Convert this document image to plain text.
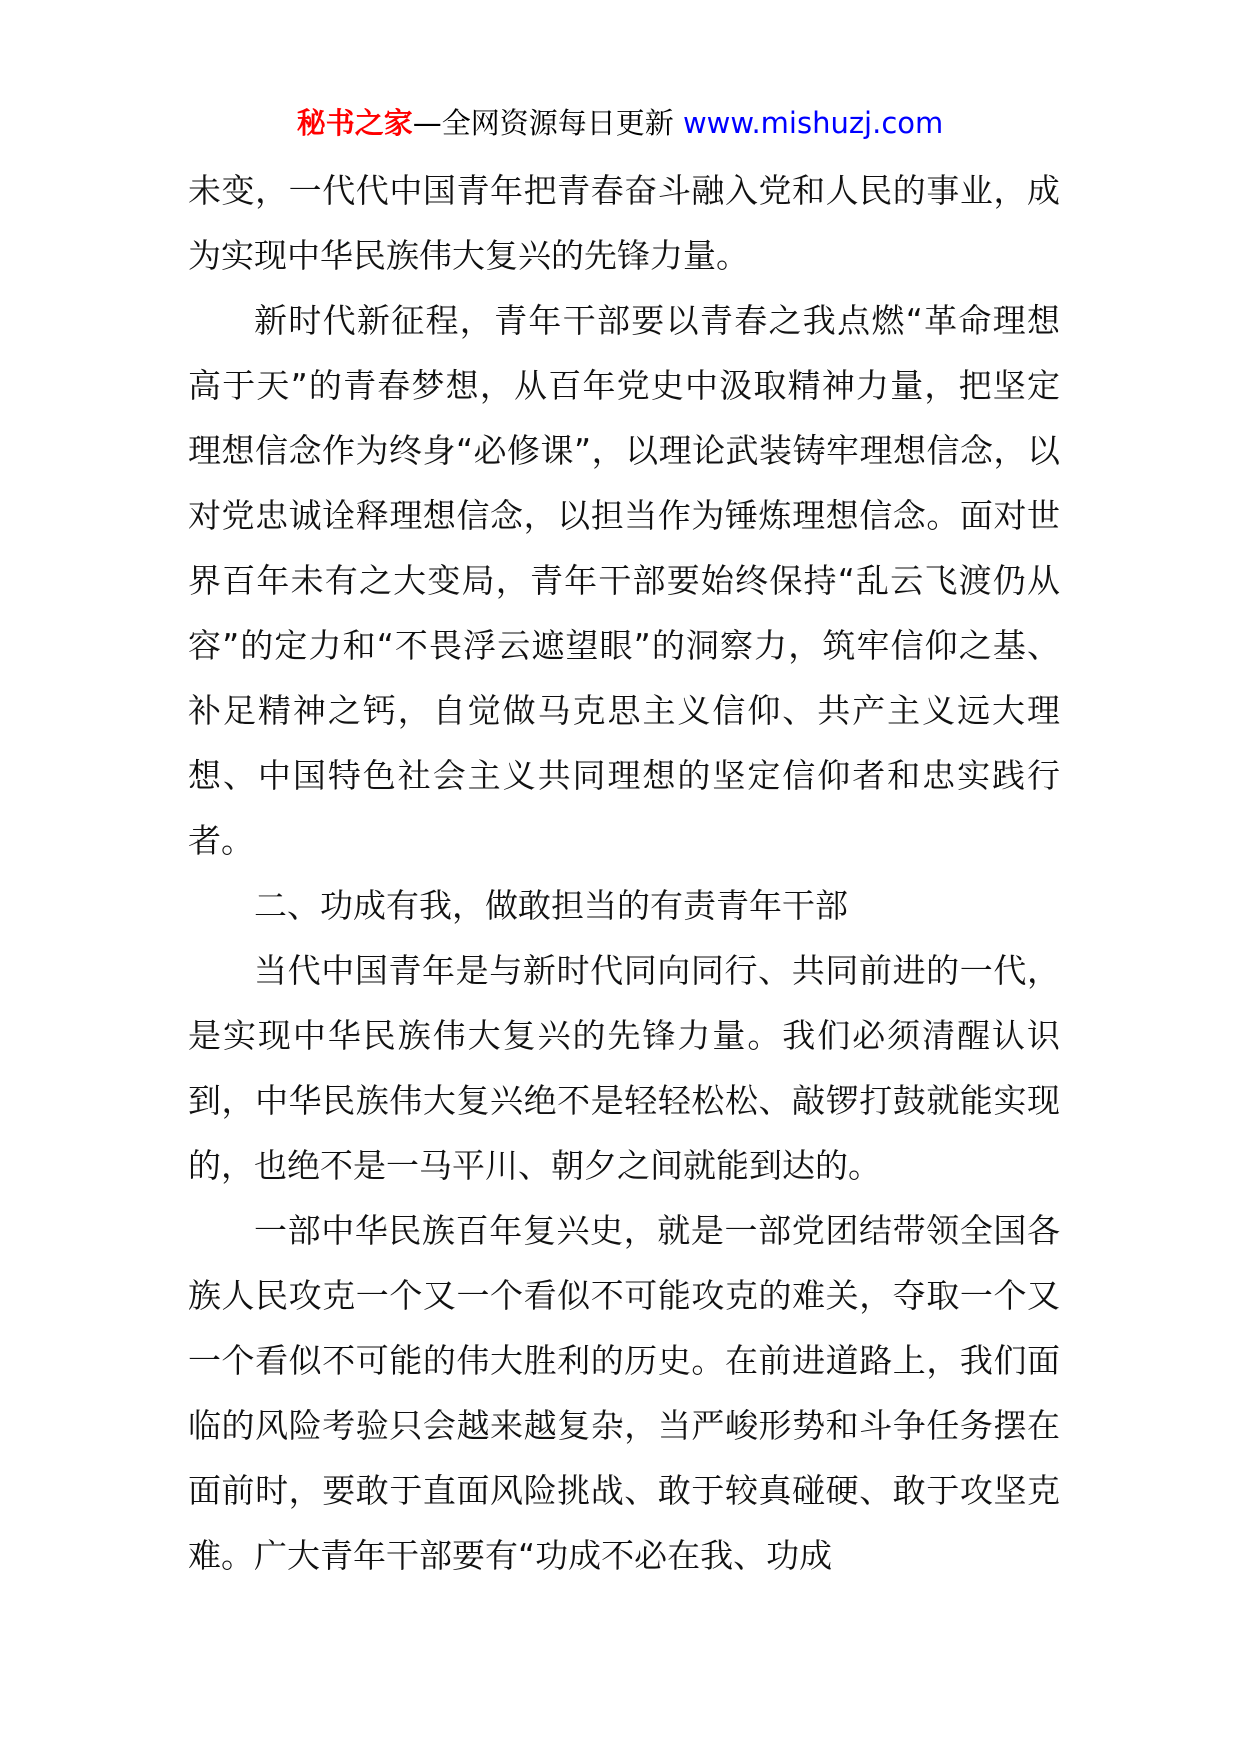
秘书之家—全网资源每日更新 www.mishuzj.com

未变，一代代中国青年把青春奋斗融入党和人民的事业，成为实现中华民族伟大复兴的先锋力量。

新时代新征程，青年干部要以青春之我点燃“革命理想高于天”的青春梦想，从百年党史中汲取精神力量，把坚定理想信念作为终身“必修课”，以理论武装铸牢理想信念，以对党忠诚诠释理想信念，以担当作为锤炼理想信念。面对世界百年未有之大变局，青年干部要始终保持“乱云飞渡仍从容”的定力和“不畏浮云遮望眼”的洞察力，筑牢信仰之基、补足精神之钙，自觉做马克思主义信仰、共产主义远大理想、中国特色社会主义共同理想的坚定信仰者和忠实践行者。

二、功成有我，做敢担当的有责青年干部

当代中国青年是与新时代同向同行、共同前进的一代，是实现中华民族伟大复兴的先锋力量。我们必须清醒认识到，中华民族伟大复兴绝不是轻轻松松、敲锣打鼓就能实现的，也绝不是一马平川、朝夕之间就能到达的。

一部中华民族百年复兴史，就是一部党团结带领全国各族人民攻克一个又一个看似不可能攻克的难关，夺取一个又一个看似不可能的伟大胜利的历史。在前进道路上，我们面临的风险考验只会越来越复杂，当严峻形势和斗争任务摆在面前时，要敢于直面风险挑战、敢于较真碰硬、敢于攻坚克难。广大青年干部要有“功成不必在我、功成
